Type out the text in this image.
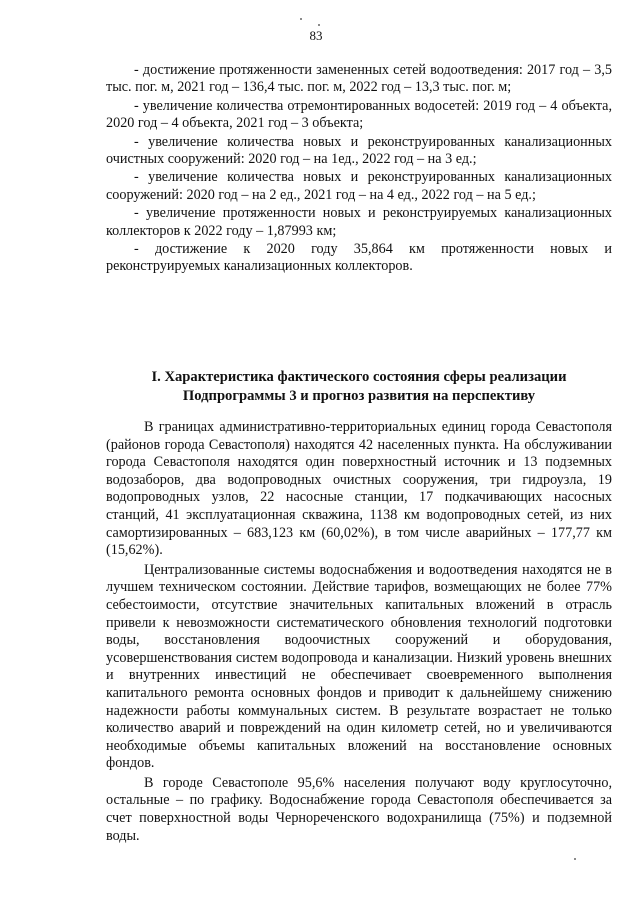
83

- достижение протяженности замененных сетей водоотведения: 2017 год – 3,5 тыс. пог. м, 2021 год – 136,4 тыс. пог. м, 2022 год – 13,3 тыс. пог. м;

- увеличение количества отремонтированных водосетей: 2019 год – 4 объекта, 2020 год – 4 объекта, 2021 год – 3 объекта;

- увеличение количества новых и реконструированных канализационных очистных сооружений: 2020 год – на 1ед., 2022 год – на 3 ед.;

- увеличение количества новых и реконструированных канализационных сооружений: 2020 год – на 2 ед., 2021 год – на 4 ед., 2022 год – на 5 ед.;

- увеличение протяженности новых и реконструируемых канализационных коллекторов к 2022 году – 1,87993 км;

- достижение к 2020 году 35,864 км протяженности новых и реконструируемых канализационных коллекторов.

I. Характеристика фактического состояния сферы реализации
Подпрограммы 3 и прогноз развития на перспективу

В границах административно-территориальных единиц города Севастополя (районов города Севастополя) находятся 42 населенных пункта. На обслуживании города Севастополя находятся один поверхностный источник и 13 подземных водозаборов, два водопроводных очистных сооружения, три гидроузла, 19 водопроводных узлов, 22 насосные станции, 17 подкачивающих насосных станций, 41 эксплуатационная скважина, 1138 км водопроводных сетей, из них самортизированных – 683,123 км (60,02%), в том числе аварийных – 177,77 км (15,62%).

Централизованные системы водоснабжения и водоотведения находятся не в лучшем техническом состоянии. Действие тарифов, возмещающих не более 77% себестоимости, отсутствие значительных капитальных вложений в отрасль привели к невозможности систематического обновления технологий подготовки воды, восстановления водоочистных сооружений и оборудования, усовершенствования систем водопровода и канализации. Низкий уровень внешних и внутренних инвестиций не обеспечивает своевременного выполнения капитального ремонта основных фондов и приводит к дальнейшему снижению надежности работы коммунальных систем. В результате возрастает не только количество аварий и повреждений на один километр сетей, но и увеличиваются необходимые объемы капитальных вложений на восстановление основных фондов.

В городе Севастополе 95,6% населения получают воду круглосуточно, остальные – по графику. Водоснабжение города Севастополя обеспечивается за счет поверхностной воды Чернореченского водохранилища (75%) и подземной воды.
